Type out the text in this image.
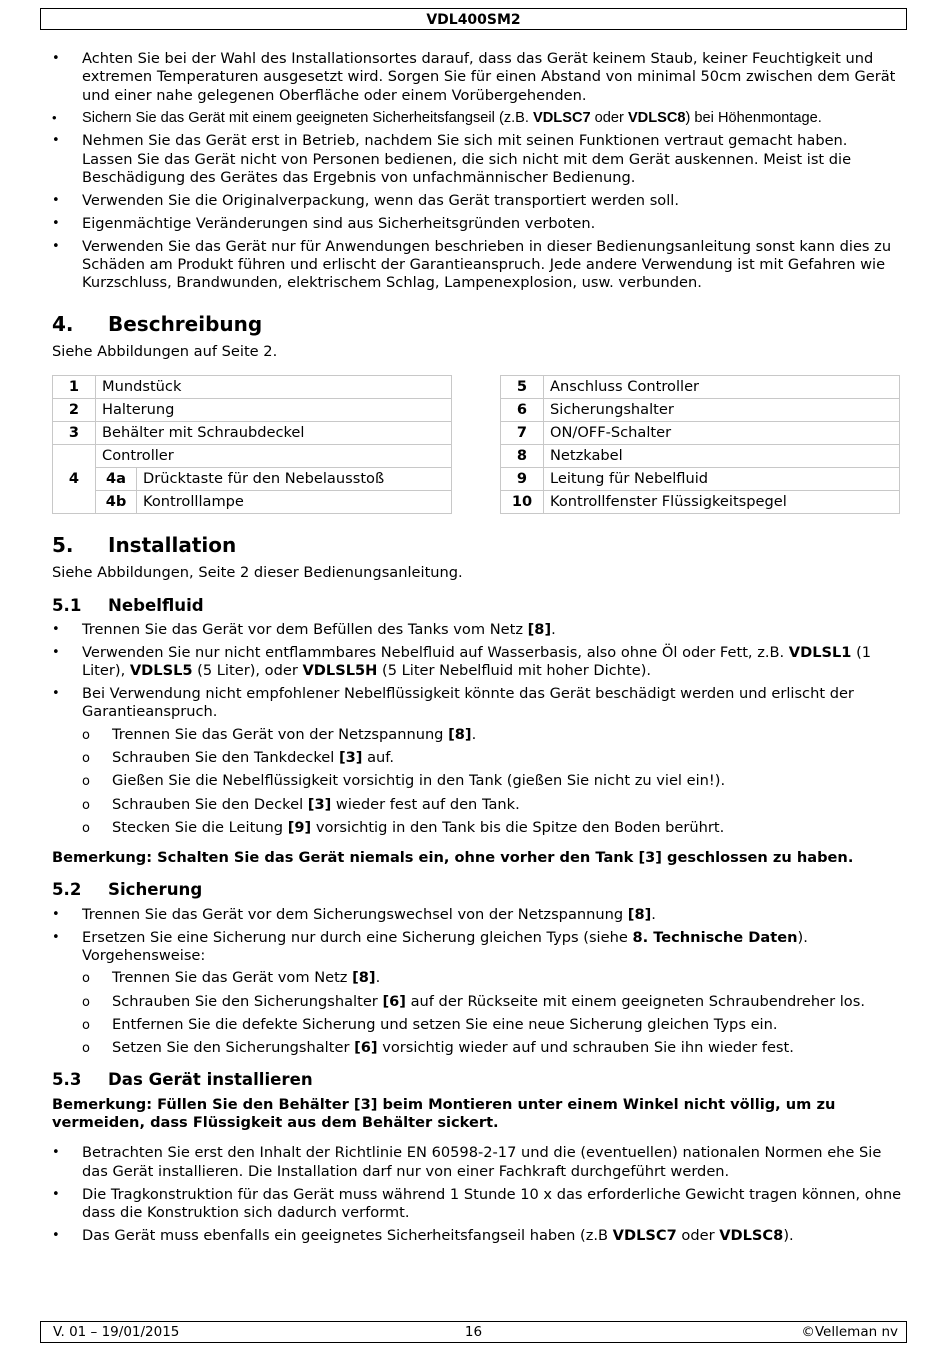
VDL400SM2
• Achten Sie bei der Wahl des Installationsortes darauf, dass das Gerät keinem Staub, keiner Feuchtigkeit und extremen Temperaturen ausgesetzt wird. Sorgen Sie für einen Abstand von minimal 50cm zwischen dem Gerät und einer nahe gelegenen Oberfläche oder einem Vorübergehenden.
• Sichern Sie das Gerät mit einem geeigneten Sicherheitsfangseil (z.B. VDLSC7 oder VDLSC8) bei Höhenmontage.
• Nehmen Sie das Gerät erst in Betrieb, nachdem Sie sich mit seinen Funktionen vertraut gemacht haben. Lassen Sie das Gerät nicht von Personen bedienen, die sich nicht mit dem Gerät auskennen. Meist ist die Beschädigung des Gerätes das Ergebnis von unfachmännischer Bedienung.
• Verwenden Sie die Originalverpackung, wenn das Gerät transportiert werden soll.
• Eigenmächtige Veränderungen sind aus Sicherheitsgründen verboten.
• Verwenden Sie das Gerät nur für Anwendungen beschrieben in dieser Bedienungsanleitung sonst kann dies zu Schäden am Produkt führen und erlischt der Garantieanspruch. Jede andere Verwendung ist mit Gefahren wie Kurzschluss, Brandwunden, elektrischem Schlag, Lampenexplosion, usw. verbunden.
4.	Beschreibung

Siehe Abbildungen auf Seite 2.

1	Mundstück	
2	Halterung	
3	Behälter mit Schraubdeckel	
4	Controller	
	4a	Drücktaste für den Nebelausstoß
	4b	Kontrolllampe
5	Anschluss Controller
6	Sicherungshalter
7	ON/OFF-Schalter
8	Netzkabel
9	Leitung für Nebelfluid
10	Kontrollfenster Flüssigkeitspegel
5.	Installation

Siehe Abbildungen, Seite 2 dieser Bedienungsanleitung.

5.1	Nebelfluid
• Trennen Sie das Gerät vor dem Befüllen des Tanks vom Netz [8].
• Verwenden Sie nur nicht entflammbares Nebelfluid auf Wasserbasis, also ohne Öl oder Fett, z.B. VDLSL1 (1 Liter), VDLSL5 (5 Liter), oder VDLSL5H (5 Liter Nebelfluid mit hoher Dichte).
• Bei Verwendung nicht empfohlener Nebelflüssigkeit könnte das Gerät beschädigt werden und erlischt der Garantieanspruch.
o Trennen Sie das Gerät von der Netzspannung [8].
o Schrauben Sie den Tankdeckel [3] auf.
o Gießen Sie die Nebelflüssigkeit vorsichtig in den Tank (gießen Sie nicht zu viel ein!).
o Schrauben Sie den Deckel [3] wieder fest auf den Tank.
o Stecken Sie die Leitung [9] vorsichtig in den Tank bis die Spitze den Boden berührt.

Bemerkung: Schalten Sie das Gerät niemals ein, ohne vorher den Tank [3] geschlossen zu haben.

5.2	Sicherung
• Trennen Sie das Gerät vor dem Sicherungswechsel von der Netzspannung [8].
• Ersetzen Sie eine Sicherung nur durch eine Sicherung gleichen Typs (siehe 8. Technische Daten). Vorgehensweise:
o Trennen Sie das Gerät vom Netz [8].
o Schrauben Sie den Sicherungshalter [6] auf der Rückseite mit einem geeigneten Schraubendreher los.
o Entfernen Sie die defekte Sicherung und setzen Sie eine neue Sicherung gleichen Typs ein.
o Setzen Sie den Sicherungshalter [6] vorsichtig wieder auf und schrauben Sie ihn wieder fest.
5.3	Das Gerät installieren

Bemerkung: Füllen Sie den Behälter [3] beim Montieren unter einem Winkel nicht völlig, um zu vermeiden, dass Flüssigkeit aus dem Behälter sickert.

• Betrachten Sie erst den Inhalt der Richtlinie EN 60598-2-17 und die (eventuellen) nationalen Normen ehe Sie das Gerät installieren. Die Installation darf nur von einer Fachkraft durchgeführt werden.
• Die Tragkonstruktion für das Gerät muss während 1 Stunde 10 x das erforderliche Gewicht tragen können, ohne dass die Konstruktion sich dadurch verformt.
• Das Gerät muss ebenfalls ein geeignetes Sicherheitsfangseil haben (z.B VDLSC7 oder VDLSC8).
V. 01 – 19/01/2015	16	©Velleman nv
